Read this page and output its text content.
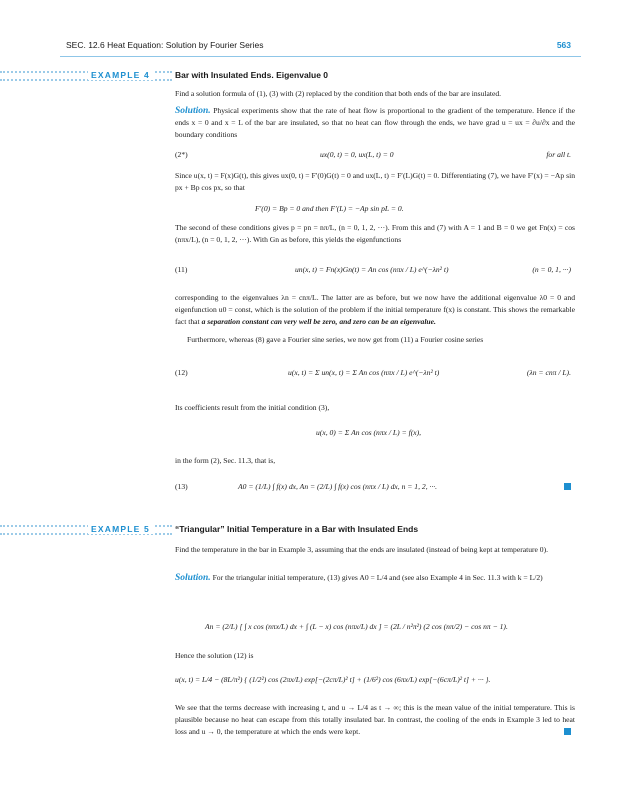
SEC. 12.6 Heat Equation: Solution by Fourier Series	563
EXAMPLE 4	Bar with Insulated Ends. Eigenvalue 0
Find a solution formula of (1), (3) with (2) replaced by the condition that both ends of the bar are insulated.
Solution. Physical experiments show that the rate of heat flow is proportional to the gradient of the temperature. Hence if the ends x = 0 and x = L of the bar are insulated, so that no heat can flow through the ends, we have grad u = ux = ∂u/∂x and the boundary conditions
(2*)	ux(0, t) = 0, ux(L, t) = 0	for all t.
Since u(x, t) = F(x)G(t), this gives ux(0, t) = F′(0)G(t) = 0 and ux(L, t) = F′(L)G(t) = 0. Differentiating (7), we have F′(x) = −Ap sin px + Bp cos px, so that
F′(0) = Bp = 0 and then F′(L) = −Ap sin pL = 0.
The second of these conditions gives p = pn = nπ/L, (n = 0, 1, 2, ···). From this and (7) with A = 1 and B = 0 we get Fn(x) = cos (nπx/L), (n = 0, 1, 2, ···). With Gn as before, this yields the eigenfunctions
(11)	un(x, t) = Fn(x)Gn(t) = An cos (nπx / L) e^(−λn² t)	(n = 0, 1, ···)
corresponding to the eigenvalues λn = cnπ/L. The latter are as before, but we now have the additional eigenvalue λ0 = 0 and eigenfunction u0 = const, which is the solution of the problem if the initial temperature f(x) is constant. This shows the remarkable fact that a separation constant can very well be zero, and zero can be an eigenvalue.
Furthermore, whereas (8) gave a Fourier sine series, we now get from (11) a Fourier cosine series
(12)	u(x, t) = Σ un(x, t) = Σ An cos (nπx / L) e^(−λn² t)	(λn = cnπ / L).
Its coefficients result from the initial condition (3),
u(x, 0) = Σ An cos (nπx / L) = f(x),
in the form (2), Sec. 11.3, that is,
(13)	A0 = (1/L) ∫ f(x) dx, An = (2/L) ∫ f(x) cos (nπx / L) dx, n = 1, 2, ···.
EXAMPLE 5	“Triangular” Initial Temperature in a Bar with Insulated Ends
Find the temperature in the bar in Example 3, assuming that the ends are insulated (instead of being kept at temperature 0).
Solution. For the triangular initial temperature, (13) gives A0 = L/4 and (see also Example 4 in Sec. 11.3 with k = L/2)
An = (2/L) [ ∫ x cos (nπx/L) dx + ∫ (L − x) cos (nπx/L) dx ] = (2L / n²π²) (2 cos (nπ/2) − cos nπ − 1).
Hence the solution (12) is
u(x, t) = L/4 − (8L/π²) { (1/2²) cos (2πx/L) exp[−(2cπ/L)² t] + (1/6²) cos (6πx/L) exp[−(6cπ/L)² t] + ··· }.
We see that the terms decrease with increasing t, and u → L/4 as t → ∞; this is the mean value of the initial temperature. This is plausible because no heat can escape from this totally insulated bar. In contrast, the cooling of the ends in Example 3 led to heat loss and u → 0, the temperature at which the ends were kept.
